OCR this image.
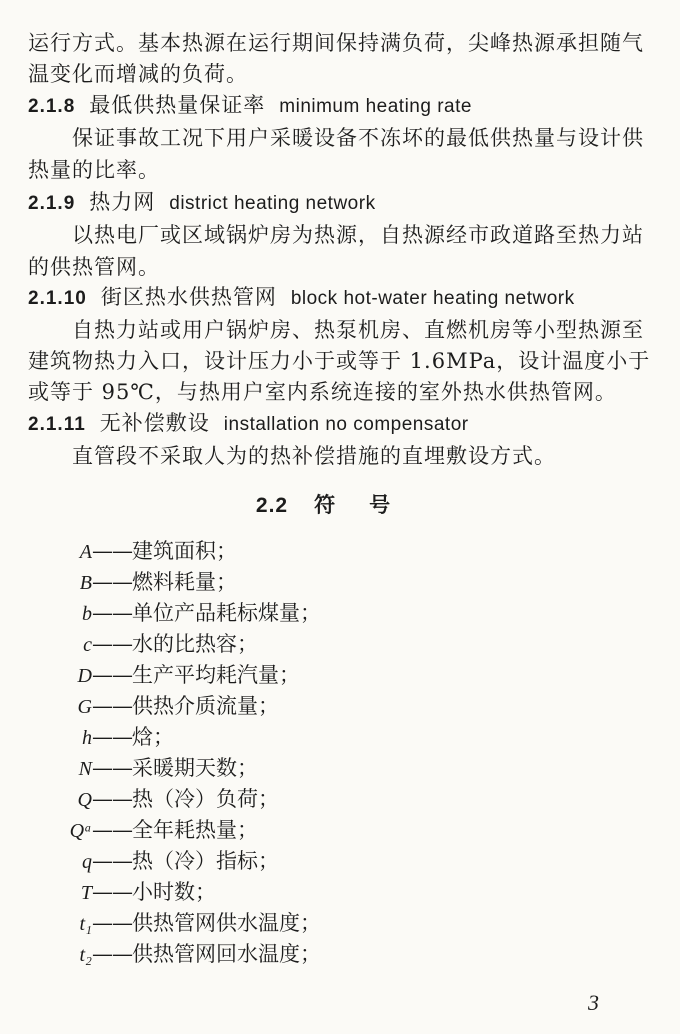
运行方式。基本热源在运行期间保持满负荷，尖峰热源承担随气
温变化而增减的负荷。
2.1.8 最低供热量保证率 minimum heating rate
保证事故工况下用户采暖设备不冻坏的最低供热量与设计供
热量的比率。
2.1.9 热力网 district heating network
以热电厂或区域锅炉房为热源，自热源经市政道路至热力站
的供热管网。
2.1.10 街区热水供热管网 block hot-water heating network
自热力站或用户锅炉房、热泵机房、直燃机房等小型热源至
建筑物热力入口，设计压力小于或等于 1.6MPa，设计温度小于
或等于 95℃，与热用户室内系统连接的室外热水供热管网。
2.1.11 无补偿敷设 installation no compensator
直管段不采取人为的热补偿措施的直埋敷设方式。
2.2 符号
A——建筑面积；
B——燃料耗量；
b——单位产品耗标煤量；
c——水的比热容；
D——生产平均耗汽量；
G——供热介质流量；
h——焓；
N——采暖期天数；
Q——热（冷）负荷；
Qᵃ——全年耗热量；
q——热（冷）指标；
T——小时数；
t₁——供热管网供水温度；
t₂——供热管网回水温度；
3
